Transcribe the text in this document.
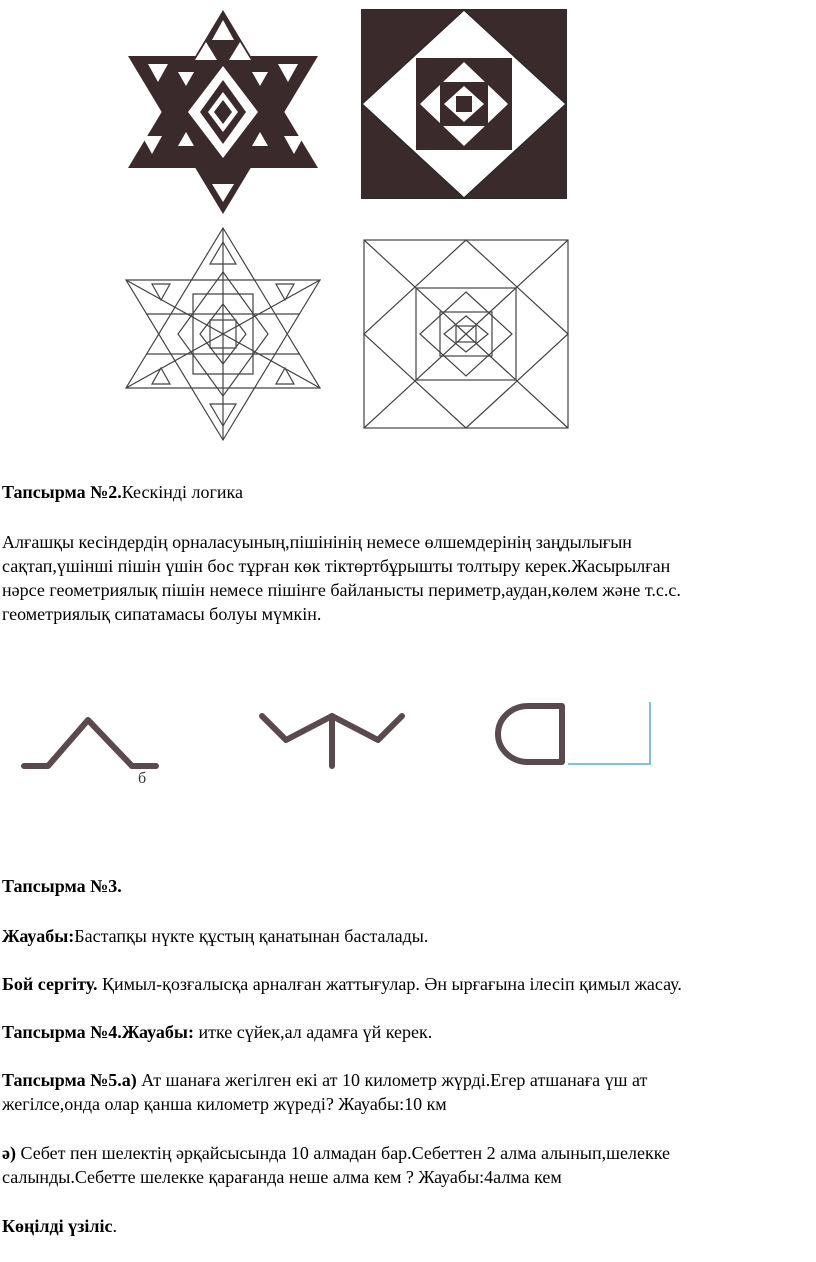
Тапсырма №2.Кескінді логика
Алғашқы кесіндердің орналасуының,пішінінің немесе өлшемдерінің заңдылығын
сақтап,үшінші пішін үшін бос тұрған көк тіктөртбұрышты толтыру керек.Жасырылған
нәрсе геометриялық пішін немесе пішінге байланысты периметр,аудан,көлем және т.с.с.
геометриялық сипатамасы болуы мүмкін.
б
Тапсырма №3.
Жауабы:Бастапқы нүкте құстың қанатынан басталады.
Бой сергіту. Қимыл-қозғалысқа арналған жаттығулар. Ән ырғағына ілесіп қимыл жасау.
Тапсырма №4.Жауабы: итке сүйек,ал адамға үй керек.
Тапсырма №5.а) Ат шанаға жегілген екі ат 10 километр жүрді.Егер атшанаға үш ат
жегілсе,онда олар қанша километр жүреді? Жауабы:10 км
ә) Себет пен шелектің әрқайсысында 10 алмадан бар.Себеттен 2 алма алынып,шелекке
салынды.Себетте шелекке қарағанда неше алма кем ? Жауабы:4алма кем
Көңілді үзіліс.
